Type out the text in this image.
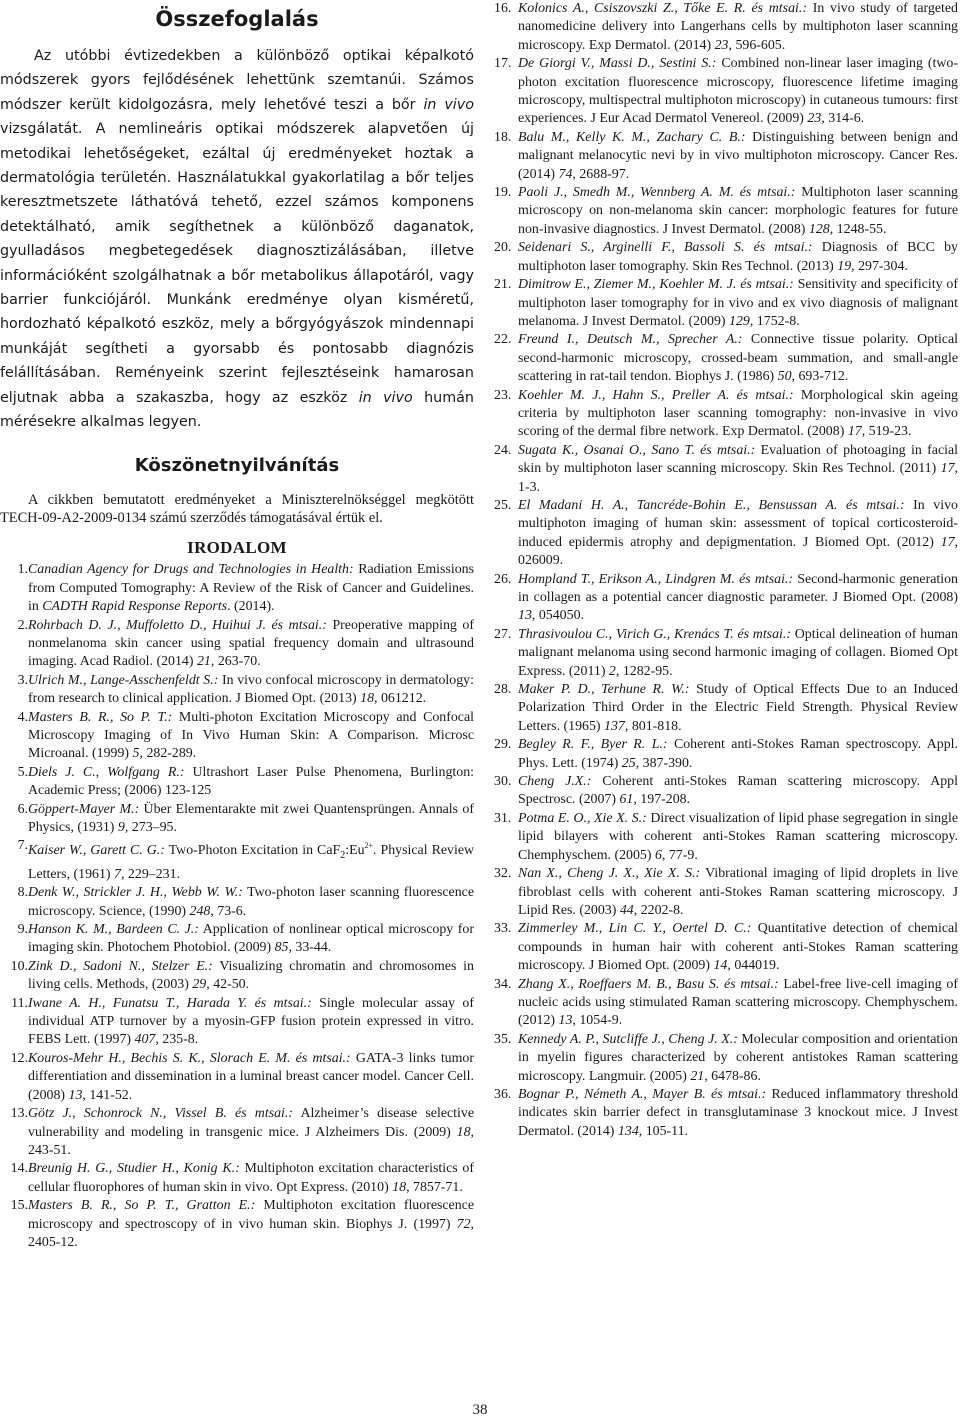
Összefoglalás

Az utóbbi évtizedekben a különböző optikai képalkotó módszerek gyors fejlődésének lehettünk szemtanúi. Számos módszer került kidolgozásra, mely lehetővé teszi a bőr in vivo vizsgálatát. A nemlineáris optikai módszerek alapvetően új metodikai lehetőségeket, ezáltal új eredményeket hoztak a dermatológia területén. Használatukkal gyakorlatilag a bőr teljes keresztmetszete láthatóvá tehető, ezzel számos komponens detektálható, amik segíthetnek a különböző daganatok, gyulladásos megbetegedések diagnosztizálásában, illetve információként szolgálhatnak a bőr metabolikus állapotáról, vagy barrier funkciójáról. Munkánk eredménye olyan kisméretű, hordozható képalkotó eszköz, mely a bőrgyógyászok mindennapi munkáját segítheti a gyorsabb és pontosabb diagnózis felállításában. Reményeink szerint fejlesztéseink hamarosan eljutnak abba a szakaszba, hogy az eszköz in vivo humán mérésekre alkalmas legyen.

Köszönetnyilvánítás

A cikkben bemutatott eredményeket a Miniszterelnökséggel megkötött TECH-09-A2-2009-0134 számú szerződés támogatásával értük el.

IRODALOM
1. Canadian Agency for Drugs and Technologies in Health: Radiation Emissions from Computed Tomography: A Review of the Risk of Cancer and Guidelines. in CADTH Rapid Response Reports. (2014).
2. Rohrbach D. J., Muffoletto D., Huihui J. és mtsai.: Preoperative mapping of nonmelanoma skin cancer using spatial frequency domain and ultrasound imaging. Acad Radiol. (2014) 21, 263-70.
3. Ulrich M., Lange-Asschenfeldt S.: In vivo confocal microscopy in dermatology: from research to clinical application. J Biomed Opt. (2013) 18, 061212.
4. Masters B. R., So P. T.: Multi-photon Excitation Microscopy and Confocal Microscopy Imaging of In Vivo Human Skin: A Comparison. Microsc Microanal. (1999) 5, 282-289.
5. Diels J. C., Wolfgang R.: Ultrashort Laser Pulse Phenomena, Burlington: Academic Press; (2006) 123-125
6. Göppert-Mayer M.: Über Elementarakte mit zwei Quantensprüngen. Annals of Physics, (1931) 9, 273–95.
7. Kaiser W., Garett C. G.: Two-Photon Excitation in $CaF_2:Eu^{2+}$. Physical Review Letters, (1961) 7, 229–231.
8. Denk W., Strickler J. H., Webb W. W.: Two-photon laser scanning fluorescence microscopy. Science, (1990) 248, 73-6.
9. Hanson K. M., Bardeen C. J.: Application of nonlinear optical microscopy for imaging skin. Photochem Photobiol. (2009) 85, 33-44.
10. Zink D., Sadoni N., Stelzer E.: Visualizing chromatin and chromosomes in living cells. Methods, (2003) 29, 42-50.
11. Iwane A. H., Funatsu T., Harada Y. és mtsai.: Single molecular assay of individual ATP turnover by a myosin-GFP fusion protein expressed in vitro. FEBS Lett. (1997) 407, 235-8.
12. Kouros-Mehr H., Bechis S. K., Slorach E. M. és mtsai.: GATA-3 links tumor differentiation and dissemination in a luminal breast cancer model. Cancer Cell. (2008) 13, 141-52.
13. Götz J., Schonrock N., Vissel B. és mtsai.: Alzheimer’s disease selective vulnerability and modeling in transgenic mice. J Alzheimers Dis. (2009) 18, 243-51.
14. Breunig H. G., Studier H., Konig K.: Multiphoton excitation characteristics of cellular fluorophores of human skin in vivo. Opt Express. (2010) 18, 7857-71.
15. Masters B. R., So P. T., Gratton E.: Multiphoton excitation fluorescence microscopy and spectroscopy of in vivo human skin. Biophys J. (1997) 72, 2405-12.
16. Kolonics A., Csiszovszki Z., Tőke E. R. és mtsai.: In vivo study of targeted nanomedicine delivery into Langerhans cells by multiphoton laser scanning microscopy. Exp Dermatol. (2014) 23, 596-605.
17. De Giorgi V., Massi D., Sestini S.: Combined non-linear laser imaging (two-photon excitation fluorescence microscopy, fluorescence lifetime imaging microscopy, multispectral multiphoton microscopy) in cutaneous tumours: first experiences. J Eur Acad Dermatol Venereol. (2009) 23, 314-6.
18. Balu M., Kelly K. M., Zachary C. B.: Distinguishing between benign and malignant melanocytic nevi by in vivo multiphoton microscopy. Cancer Res. (2014) 74, 2688-97.
19. Paoli J., Smedh M., Wennberg A. M. és mtsai.: Multiphoton laser scanning microscopy on non-melanoma skin cancer: morphologic features for future non-invasive diagnostics. J Invest Dermatol. (2008) 128, 1248-55.
20. Seidenari S., Arginelli F., Bassoli S. és mtsai.: Diagnosis of BCC by multiphoton laser tomography. Skin Res Technol. (2013) 19, 297-304.
21. Dimitrow E., Ziemer M., Koehler M. J. és mtsai.: Sensitivity and specificity of multiphoton laser tomography for in vivo and ex vivo diagnosis of malignant melanoma. J Invest Dermatol. (2009) 129, 1752-8.
22. Freund I., Deutsch M., Sprecher A.: Connective tissue polarity. Optical second-harmonic microscopy, crossed-beam summation, and small-angle scattering in rat-tail tendon. Biophys J. (1986) 50, 693-712.
23. Koehler M. J., Hahn S., Preller A. és mtsai.: Morphological skin ageing criteria by multiphoton laser scanning tomography: non-invasive in vivo scoring of the dermal fibre network. Exp Dermatol. (2008) 17, 519-23.
24. Sugata K., Osanai O., Sano T. és mtsai.: Evaluation of photoaging in facial skin by multiphoton laser scanning microscopy. Skin Res Technol. (2011) 17, 1-3.
25. El Madani H. A., Tancréde-Bohin E., Bensussan A. és mtsai.: In vivo multiphoton imaging of human skin: assessment of topical corticosteroid-induced epidermis atrophy and depigmentation. J Biomed Opt. (2012) 17, 026009.
26. Hompland T., Erikson A., Lindgren M. és mtsai.: Second-harmonic generation in collagen as a potential cancer diagnostic parameter. J Biomed Opt. (2008) 13, 054050.
27. Thrasivoulou C., Virich G., Krenács T. és mtsai.: Optical delineation of human malignant melanoma using second harmonic imaging of collagen. Biomed Opt Express. (2011) 2, 1282-95.
28. Maker P. D., Terhune R. W.: Study of Optical Effects Due to an Induced Polarization Third Order in the Electric Field Strength. Physical Review Letters. (1965) 137, 801-818.
29. Begley R. F., Byer R. L.: Coherent anti-Stokes Raman spectroscopy. Appl. Phys. Lett. (1974) 25, 387-390.
30. Cheng J.X.: Coherent anti-Stokes Raman scattering microscopy. Appl Spectrosc. (2007) 61, 197-208.
31. Potma E. O., Xie X. S.: Direct visualization of lipid phase segregation in single lipid bilayers with coherent anti-Stokes Raman scattering microscopy. Chemphyschem. (2005) 6, 77-9.
32. Nan X., Cheng J. X., Xie X. S.: Vibrational imaging of lipid droplets in live fibroblast cells with coherent anti-Stokes Raman scattering microscopy. J Lipid Res. (2003) 44, 2202-8.
33. Zimmerley M., Lin C. Y., Oertel D. C.: Quantitative detection of chemical compounds in human hair with coherent anti-Stokes Raman scattering microscopy. J Biomed Opt. (2009) 14, 044019.
34. Zhang X., Roeffaers M. B., Basu S. és mtsai.: Label-free live-cell imaging of nucleic acids using stimulated Raman scattering microscopy. Chemphyschem. (2012) 13, 1054-9.
35. Kennedy A. P., Sutcliffe J., Cheng J. X.: Molecular composition and orientation in myelin figures characterized by coherent antistokes Raman scattering microscopy. Langmuir. (2005) 21, 6478-86.
36. Bognar P., Németh A., Mayer B. és mtsai.: Reduced inflammatory threshold indicates skin barrier defect in transglutaminase 3 knockout mice. J Invest Dermatol. (2014) 134, 105-11.
38
